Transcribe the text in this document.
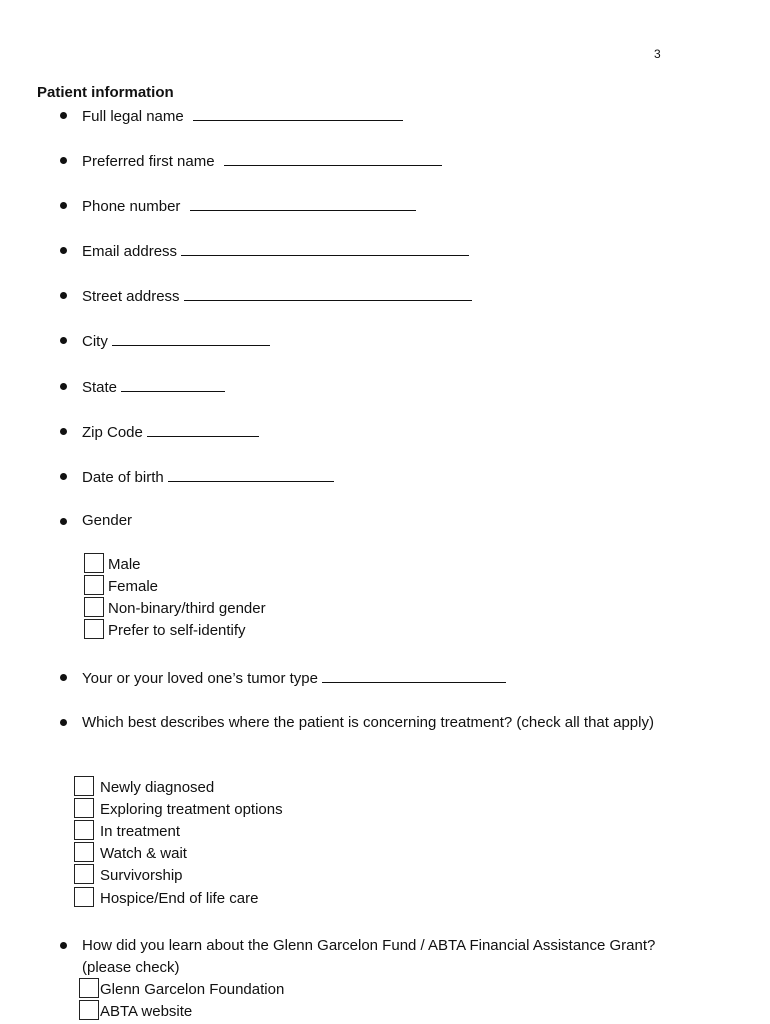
3
Patient information
Full legal name
Preferred first name
Phone number
Email address
Street address
City
State
Zip Code
Date of birth
Gender
Male
Female
Non-binary/third gender
Prefer to self-identify
Your or your loved one’s tumor type
Which best describes where the patient is concerning treatment? (check all that apply)
Newly diagnosed
Exploring treatment options
In treatment
Watch & wait
Survivorship
Hospice/End of life care
How did you learn about the Glenn Garcelon Fund / ABTA Financial Assistance Grant? (please check)
Glenn Garcelon Foundation
ABTA website
